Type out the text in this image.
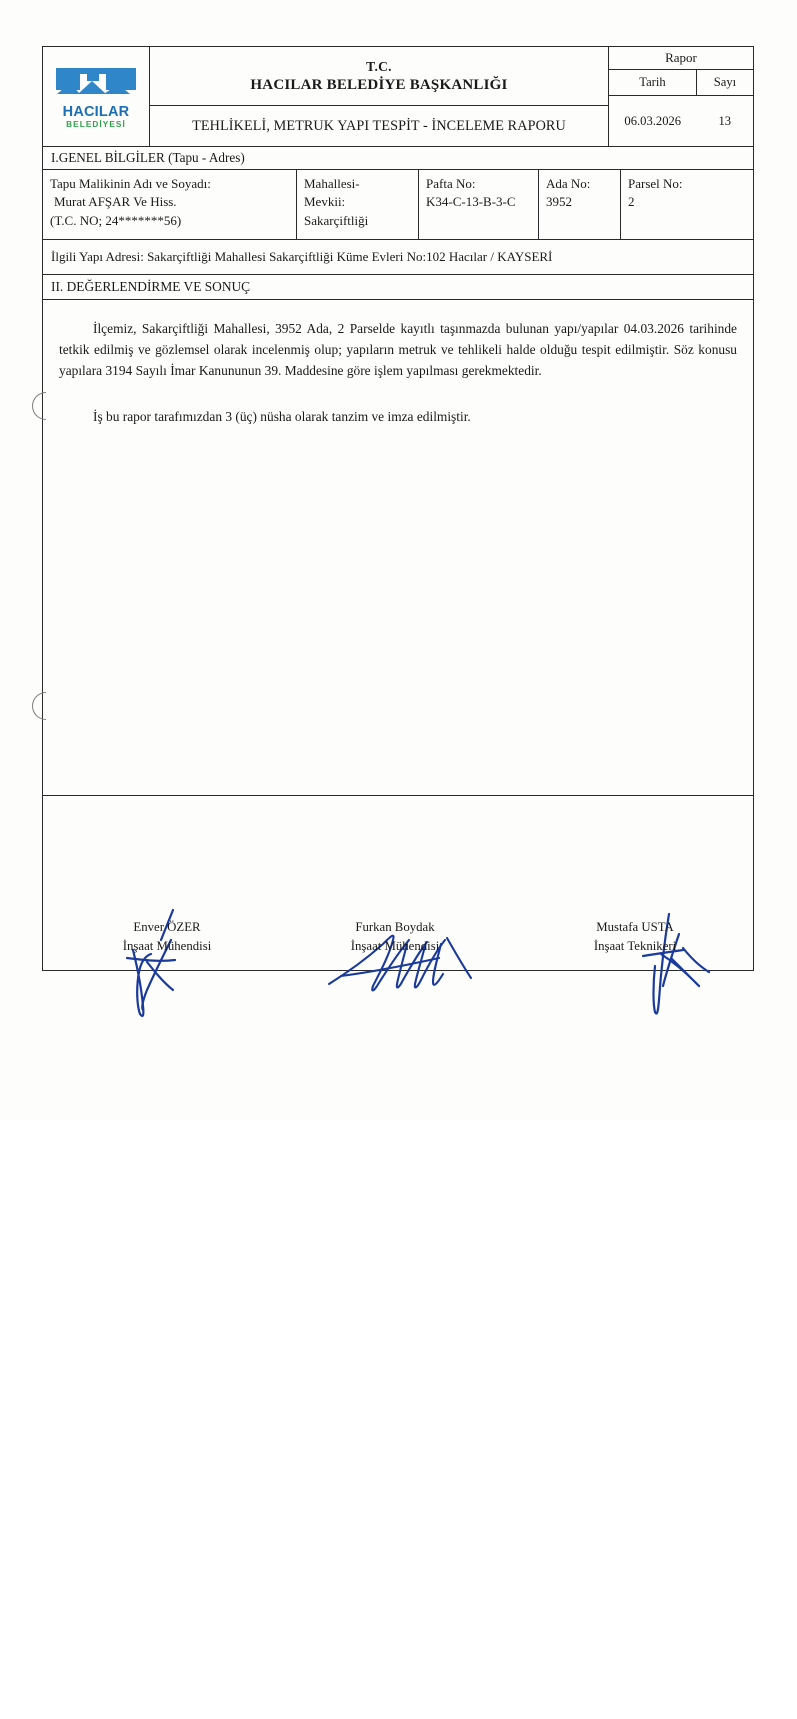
HACILAR
BELEDİYESİ
T.C.
HACILAR BELEDİYE BAŞKANLIĞI
TEHLİKELİ, METRUK YAPI TESPİT - İNCELEME RAPORU
Rapor
Tarih	Sayı
06.03.2026	13
I.GENEL BİLGİLER (Tapu - Adres)
Tapu Malikinin Adı ve Soyadı:
Murat AFŞAR Ve Hiss.
(T.C. NO; 24*******56)
Mahallesi-
Mevkii:
Sakarçiftliği
Pafta No:
K34-C-13-B-3-C
Ada No:
3952
Parsel No:
2
İlgili Yapı Adresi: Sakarçiftliği Mahallesi Sakarçiftliği Küme Evleri No:102 Hacılar / KAYSERİ
II. DEĞERLENDİRME VE SONUÇ

İlçemiz, Sakarçiftliği Mahallesi, 3952 Ada, 2 Parselde kayıtlı taşınmazda bulunan yapı/yapılar 04.03.2026 tarihinde tetkik edilmiş ve gözlemsel olarak incelenmiş olup; yapıların metruk ve tehlikeli halde olduğu tespit edilmiştir. Söz konusu yapılara 3194 Sayılı İmar Kanununun 39. Maddesine göre işlem yapılması gerekmektedir.

İş bu rapor tarafımızdan 3 (üç) nüsha olarak tanzim ve imza edilmiştir.

Enver ÖZER
İnşaat Mühendisi
Furkan Boydak
İnşaat Mühendisi
Mustafa USTA
İnşaat Teknikeri
